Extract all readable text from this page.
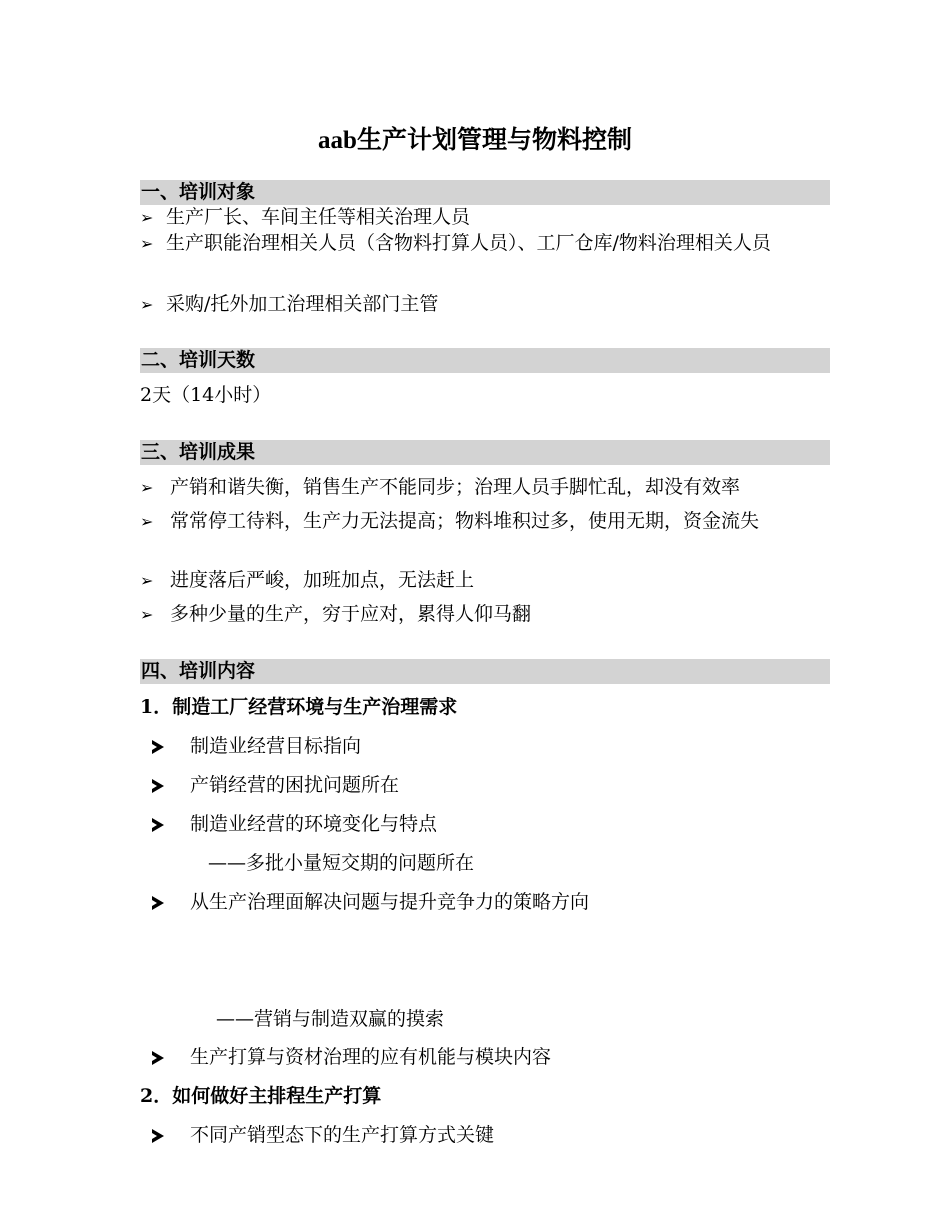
aab生产计划管理与物料控制
一、培训对象
➢ 生产厂长、车间主任等相关治理人员
➢ 生产职能治理相关人员（含物料打算人员）、工厂仓库/物料治理相关人员
➢ 采购/托外加工治理相关部门主管
二、培训天数
2天（14小时）
三、培训成果
➢ 产销和谐失衡，销售生产不能同步；治理人员手脚忙乱，却没有效率
➢ 常常停工待料，生产力无法提高；物料堆积过多，使用无期，资金流失
➢ 进度落后严峻，加班加点，无法赶上
➢ 多种少量的生产，穷于应对，累得人仰马翻
四、培训内容
1．制造工厂经营环境与生产治理需求
制造业经营目标指向
产销经营的困扰问题所在
制造业经营的环境变化与特点
——多批小量短交期的问题所在
从生产治理面解决问题与提升竞争力的策略方向
——营销与制造双赢的摸索
生产打算与资材治理的应有机能与模块内容
2．如何做好主排程生产打算
不同产销型态下的生产打算方式关键
